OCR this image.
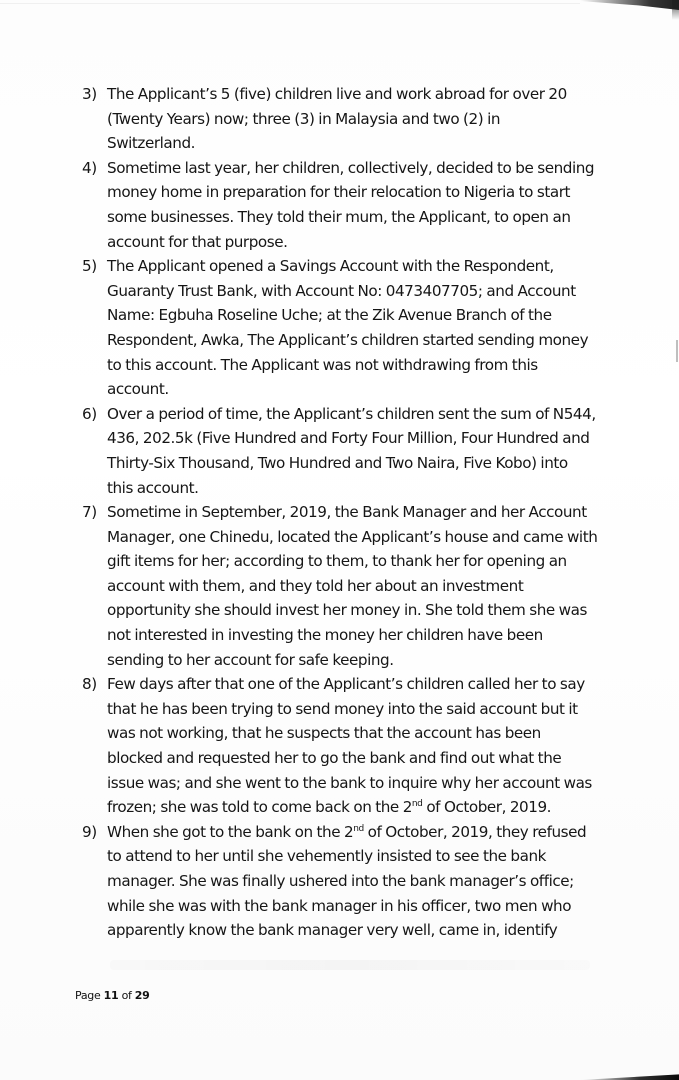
3) The Applicant’s 5 (five) children live and work abroad for over 20
(Twenty Years) now; three (3) in Malaysia and two (2) in
Switzerland.
4) Sometime last year, her children, collectively, decided to be sending
money home in preparation for their relocation to Nigeria to start
some businesses. They told their mum, the Applicant, to open an
account for that purpose.
5) The Applicant opened a Savings Account with the Respondent,
Guaranty Trust Bank, with Account No: 0473407705; and Account
Name: Egbuha Roseline Uche; at the Zik Avenue Branch of the
Respondent, Awka, The Applicant’s children started sending money
to this account. The Applicant was not withdrawing from this
account.
6) Over a period of time, the Applicant’s children sent the sum of N544,
436, 202.5k (Five Hundred and Forty Four Million, Four Hundred and
Thirty-Six Thousand, Two Hundred and Two Naira, Five Kobo) into
this account.
7) Sometime in September, 2019, the Bank Manager and her Account
Manager, one Chinedu, located the Applicant’s house and came with
gift items for her; according to them, to thank her for opening an
account with them, and they told her about an investment
opportunity she should invest her money in. She told them she was
not interested in investing the money her children have been
sending to her account for safe keeping.
8) Few days after that one of the Applicant’s children called her to say
that he has been trying to send money into the said account but it
was not working, that he suspects that the account has been
blocked and requested her to go the bank and find out what the
issue was; and she went to the bank to inquire why her account was
frozen; she was told to come back on the 2nd of October, 2019.
9) When she got to the bank on the 2nd of October, 2019, they refused
to attend to her until she vehemently insisted to see the bank
manager. She was finally ushered into the bank manager’s office;
while she was with the bank manager in his officer, two men who
apparently know the bank manager very well, came in, identify
Page 11 of 29
